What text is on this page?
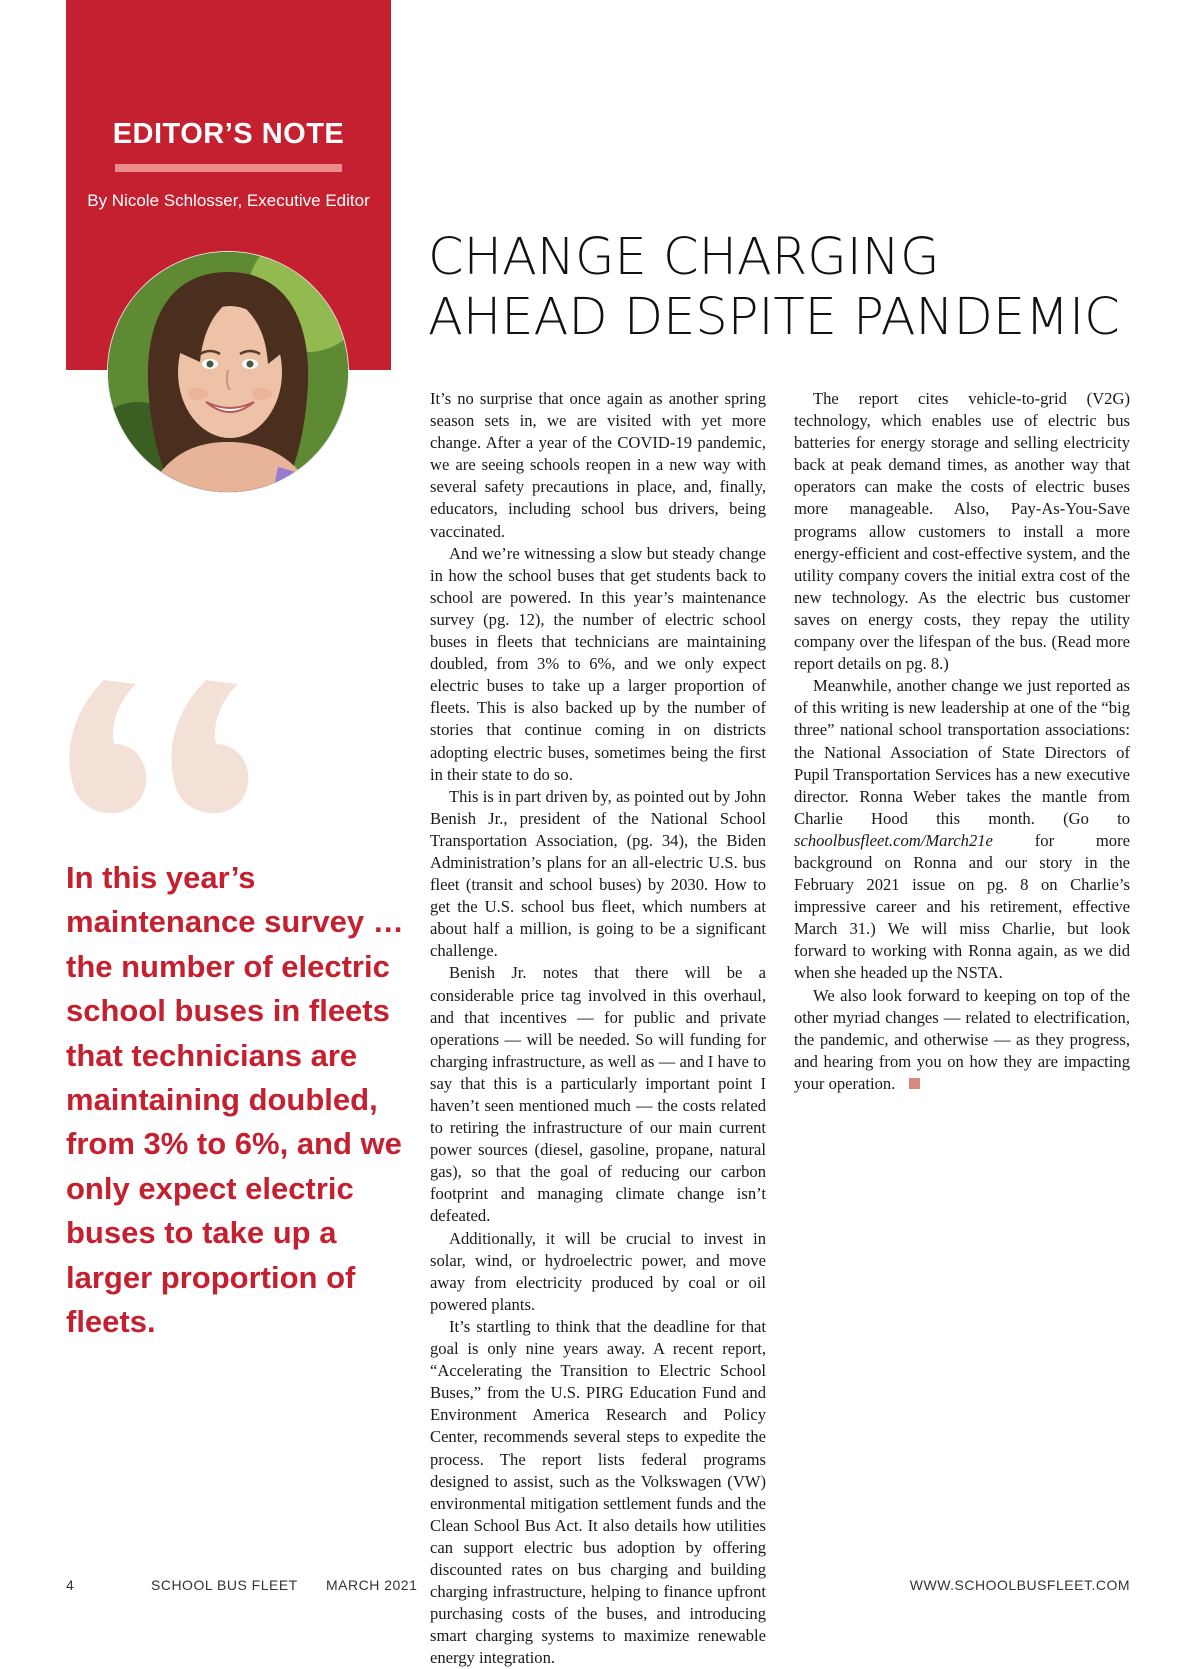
EDITOR’S NOTE
By Nicole Schlosser, Executive Editor

In this year’s maintenance survey … the number of electric school buses in fleets that technicians are maintaining doubled, from 3% to 6%, and we only expect electric buses to take up a larger proportion of fleets.

CHANGE CHARGING
AHEAD DESPITE PANDEMIC

It’s no surprise that once again as another spring season sets in, we are visited with yet more change. After a year of the COVID-19 pandemic, we are seeing schools reopen in a new way with several safety precautions in place, and, finally, educators, including school bus drivers, being vaccinated.

And we’re witnessing a slow but steady change in how the school buses that get students back to school are powered. In this year’s maintenance survey (pg. 12), the number of electric school buses in fleets that technicians are maintaining doubled, from 3% to 6%, and we only expect electric buses to take up a larger proportion of fleets. This is also backed up by the number of stories that continue coming in on districts adopting electric buses, sometimes being the first in their state to do so.

This is in part driven by, as pointed out by John Benish Jr., president of the National School Transportation Association, (pg. 34), the Biden Administration’s plans for an all-electric U.S. bus fleet (transit and school buses) by 2030. How to get the U.S. school bus fleet, which numbers at about half a million, is going to be a significant challenge.

Benish Jr. notes that there will be a considerable price tag involved in this overhaul, and that incentives — for public and private operations — will be needed. So will funding for charging infrastructure, as well as — and I have to say that this is a particularly important point I haven’t seen mentioned much — the costs related to retiring the infrastructure of our main current power sources (diesel, gasoline, propane, natural gas), so that the goal of reducing our carbon footprint and managing climate change isn’t defeated.

Additionally, it will be crucial to invest in solar, wind, or hydroelectric power, and move away from electricity produced by coal or oil powered plants.

It’s startling to think that the deadline for that goal is only nine years away. A recent report, “Accelerating the Transition to Electric School Buses,” from the U.S. PIRG Education Fund and Environment America Research and Policy Center, recommends several steps to expedite the process. The report lists federal programs designed to assist, such as the Volkswagen (VW) environmental mitigation settlement funds and the Clean School Bus Act. It also details how utilities can support electric bus adoption by offering discounted rates on bus charging and building charging infrastructure, helping to finance upfront purchasing costs of the buses, and introducing smart charging systems to maximize renewable energy integration.

The report cites vehicle-to-grid (V2G) technology, which enables use of electric bus batteries for energy storage and selling electricity back at peak demand times, as another way that operators can make the costs of electric buses more manageable. Also, Pay-As-You-Save programs allow customers to install a more energy-efficient and cost-effective system, and the utility company covers the initial extra cost of the new technology. As the electric bus customer saves on energy costs, they repay the utility company over the lifespan of the bus. (Read more report details on pg. 8.)

Meanwhile, another change we just reported as of this writing is new leadership at one of the “big three” national school transportation associations: the National Association of State Directors of Pupil Transportation Services has a new executive director. Ronna Weber takes the mantle from Charlie Hood this month. (Go to schoolbusfleet.com/March21e for more background on Ronna and our story in the February 2021 issue on pg. 8 on Charlie’s impressive career and his retirement, effective March 31.) We will miss Charlie, but look forward to working with Ronna again, as we did when she headed up the NSTA.

We also look forward to keeping on top of the other myriad changes — related to electrification, the pandemic, and otherwise — as they progress, and hearing from you on how they are impacting your operation.

4	SCHOOL BUS FLEET MARCH 2021	WWW.SCHOOLBUSFLEET.COM
